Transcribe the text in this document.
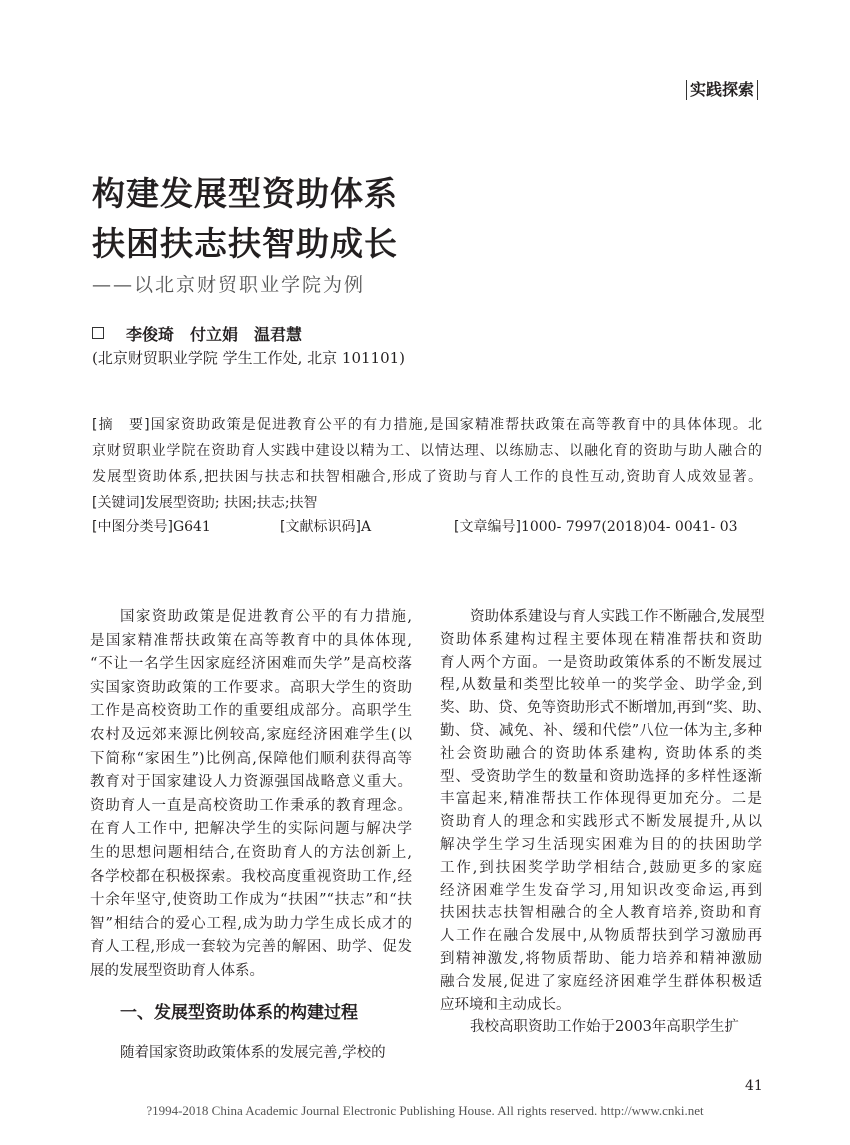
实践探索
构建发展型资助体系
扶困扶志扶智助成长
——以北京财贸职业学院为例
李俊琦 付立娟 温君慧
(北京财贸职业学院 学生工作处, 北京 101101)
[摘　要]国家资助政策是促进教育公平的有力措施,是国家精准帮扶政策在高等教育中的具体体现。北
京财贸职业学院在资助育人实践中建设以精为工、以情达理、以练励志、以融化育的资助与助人融合的
发展型资助体系,把扶困与扶志和扶智相融合,形成了资助与育人工作的良性互动,资助育人成效显著。
[关键词]发展型资助; 扶困;扶志;扶智
[中图分类号]G641	[文献标识码]A	[文章编号]1000- 7997(2018)04- 0041- 03
国家资助政策是促进教育公平的有力措施,
是国家精准帮扶政策在高等教育中的具体体现,
“不让一名学生因家庭经济困难而失学”是高校落
实国家资助政策的工作要求。高职大学生的资助
工作是高校资助工作的重要组成部分。高职学生
农村及远郊来源比例较高,家庭经济困难学生(以
下简称“家困生”)比例高,保障他们顺利获得高等
教育对于国家建设人力资源强国战略意义重大。
资助育人一直是高校资助工作秉承的教育理念。
在育人工作中, 把解决学生的实际问题与解决学
生的思想问题相结合,在资助育人的方法创新上,
各学校都在积极探索。我校高度重视资助工作,经
十余年坚守,使资助工作成为“扶困”“扶志”和“扶
智”相结合的爱心工程,成为助力学生成长成才的
育人工程,形成一套较为完善的解困、助学、促发
展的发展型资助育人体系。
一、发展型资助体系的构建过程
随着国家资助政策体系的发展完善,学校的
资助体系建设与育人实践工作不断融合,发展型
资助体系建构过程主要体现在精准帮扶和资助
育人两个方面。一是资助政策体系的不断发展过
程,从数量和类型比较单一的奖学金、助学金,到
奖、助、贷、免等资助形式不断增加,再到“奖、助、
勤、贷、减免、补、缓和代偿”八位一体为主,多种
社会资助融合的资助体系建构, 资助体系的类
型、受资助学生的数量和资助选择的多样性逐渐
丰富起来,精准帮扶工作体现得更加充分。二是
资助育人的理念和实践形式不断发展提升,从以
解决学生学习生活现实困难为目的的扶困助学
工作,到扶困奖学助学相结合,鼓励更多的家庭
经济困难学生发奋学习,用知识改变命运,再到
扶困扶志扶智相融合的全人教育培养,资助和育
人工作在融合发展中,从物质帮扶到学习激励再
到精神激发,将物质帮助、能力培养和精神激励
融合发展,促进了家庭经济困难学生群体积极适
应环境和主动成长。
我校高职资助工作始于2003年高职学生扩
41
?1994-2018 China Academic Journal Electronic Publishing House. All rights reserved. http://www.cnki.net
